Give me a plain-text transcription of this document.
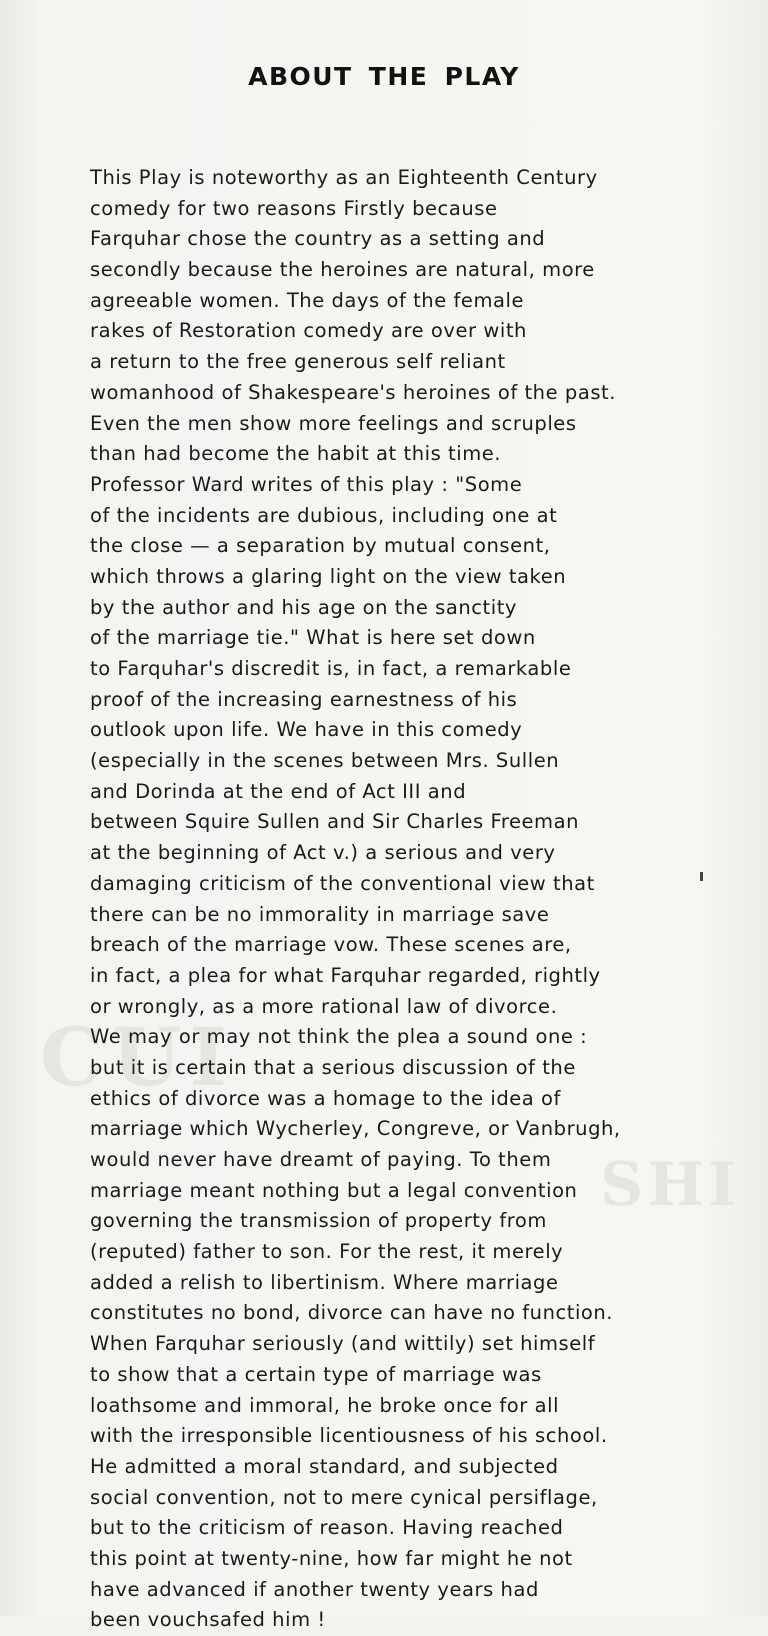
CUI
SHI
ABOUT THE PLAY
This Play is noteworthy as an Eighteenth Century
comedy for two reasons Firstly because
Farquhar chose the country as a setting and
secondly because the heroines are natural, more
agreeable women. The days of the female
rakes of Restoration comedy are over with
a return to the free generous self reliant
womanhood of Shakespeare's heroines of the past.
Even the men show more feelings and scruples
than had become the habit at this time.
Professor Ward writes of this play : "Some
of the incidents are dubious, including one at
the close — a separation by mutual consent,
which throws a glaring light on the view taken
by the author and his age on the sanctity
of the marriage tie." What is here set down
to Farquhar's discredit is, in fact, a remarkable
proof of the increasing earnestness of his
outlook upon life. We have in this comedy
(especially in the scenes between Mrs. Sullen
and Dorinda at the end of Act III and
between Squire Sullen and Sir Charles Freeman
at the beginning of Act v.) a serious and very
damaging criticism of the conventional view that
there can be no immorality in marriage save
breach of the marriage vow. These scenes are,
in fact, a plea for what Farquhar regarded, rightly
or wrongly, as a more rational law of divorce.
We may or may not think the plea a sound one :
but it is certain that a serious discussion of the
ethics of divorce was a homage to the idea of
marriage which Wycherley, Congreve, or Vanbrugh,
would never have dreamt of paying. To them
marriage meant nothing but a legal convention
governing the transmission of property from
(reputed) father to son. For the rest, it merely
added a relish to libertinism. Where marriage
constitutes no bond, divorce can have no function.
When Farquhar seriously (and wittily) set himself
to show that a certain type of marriage was
loathsome and immoral, he broke once for all
with the irresponsible licentiousness of his school.
He admitted a moral standard, and subjected
social convention, not to mere cynical persiflage,
but to the criticism of reason. Having reached
this point at twenty-nine, how far might he not
have advanced if another twenty years had
been vouchsafed him !
